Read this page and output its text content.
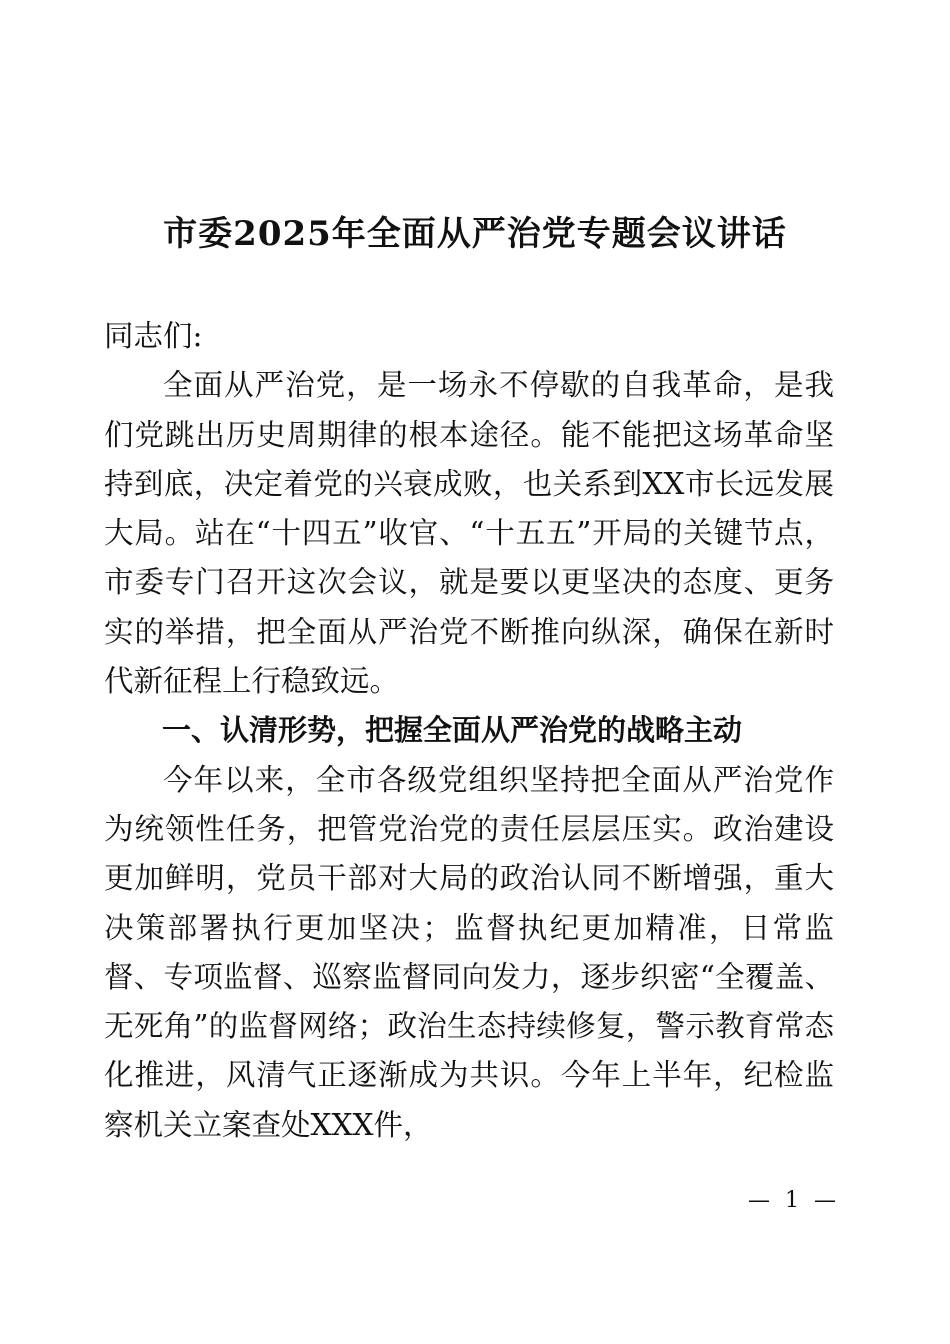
市委2025年全面从严治党专题会议讲话

同志们:

全面从严治党，是一场永不停歇的自我革命，是我们党跳出历史周期律的根本途径。能不能把这场革命坚持到底，决定着党的兴衰成败，也关系到XX市长远发展大局。站在“十四五”收官、“十五五”开局的关键节点，市委专门召开这次会议，就是要以更坚决的态度、更务实的举措，把全面从严治党不断推向纵深，确保在新时代新征程上行稳致远。

一、认清形势，把握全面从严治党的战略主动

今年以来，全市各级党组织坚持把全面从严治党作为统领性任务，把管党治党的责任层层压实。政治建设更加鲜明，党员干部对大局的政治认同不断增强，重大决策部署执行更加坚决；监督执纪更加精准，日常监督、专项监督、巡察监督同向发力，逐步织密“全覆盖、无死角”的监督网络；政治生态持续修复，警示教育常态化推进，风清气正逐渐成为共识。今年上半年，纪检监察机关立案查处XXX件，

— 1 —
